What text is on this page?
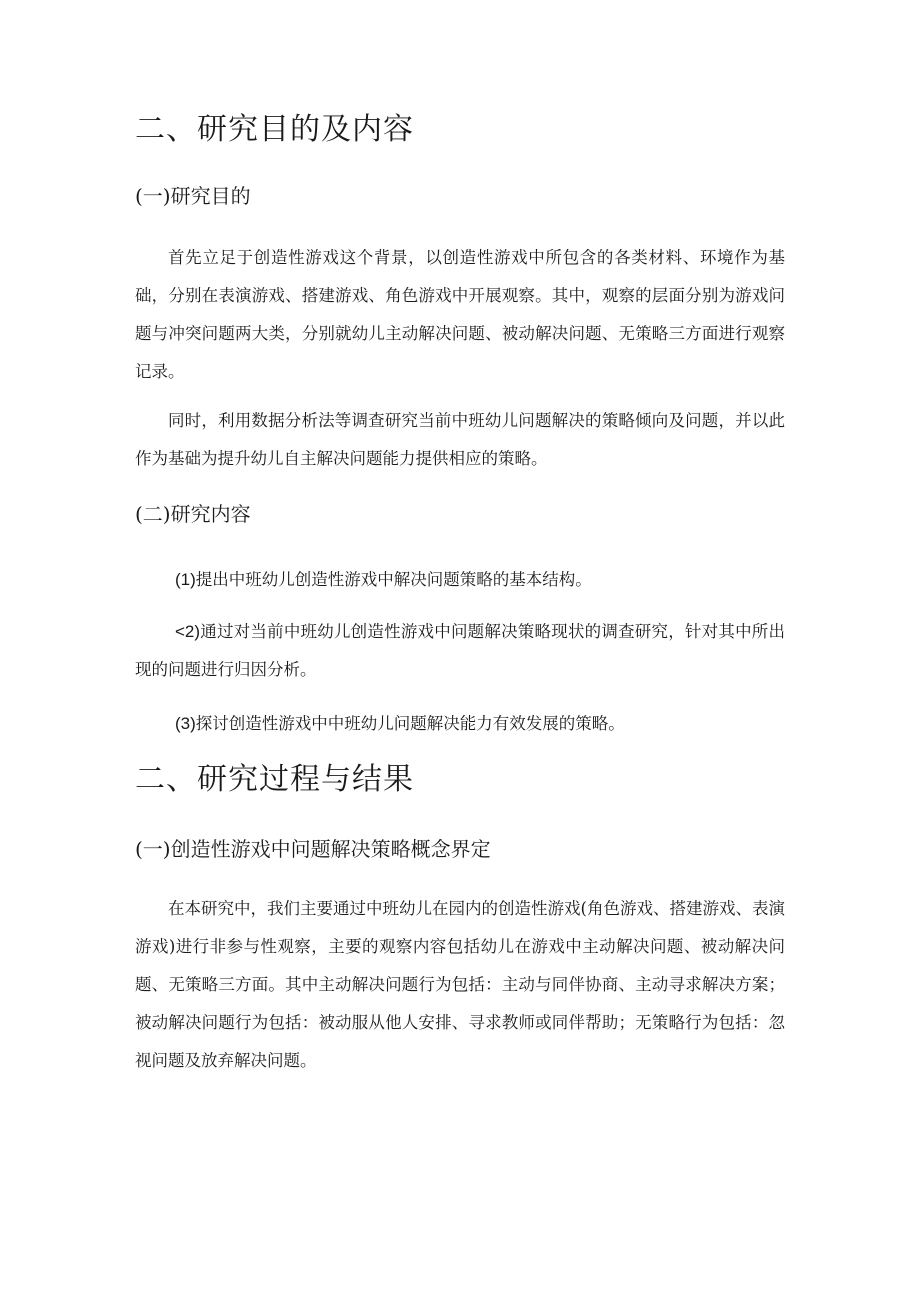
二、研究目的及内容
(一)研究目的

首先立足于创造性游戏这个背景，以创造性游戏中所包含的各类材料、环境作为基础，分别在表演游戏、搭建游戏、角色游戏中开展观察。其中，观察的层面分别为游戏问题与冲突问题两大类，分别就幼儿主动解决问题、被动解决问题、无策略三方面进行观察记录。

同时，利用数据分析法等调查研究当前中班幼儿问题解决的策略倾向及问题，并以此作为基础为提升幼儿自主解决问题能力提供相应的策略。

(二)研究内容

(1)提出中班幼儿创造性游戏中解决问题策略的基本结构。

<2)通过对当前中班幼儿创造性游戏中问题解决策略现状的调查研究，针对其中所出现的问题进行归因分析。

(3)探讨创造性游戏中中班幼儿问题解决能力有效发展的策略。

二、研究过程与结果
(一)创造性游戏中问题解决策略概念界定

在本研究中，我们主要通过中班幼儿在园内的创造性游戏(角色游戏、搭建游戏、表演游戏)进行非参与性观察，主要的观察内容包括幼儿在游戏中主动解决问题、被动解决问题、无策略三方面。其中主动解决问题行为包括：主动与同伴协商、主动寻求解决方案；被动解决问题行为包括：被动服从他人安排、寻求教师或同伴帮助；无策略行为包括：忽视问题及放弃解决问题。
